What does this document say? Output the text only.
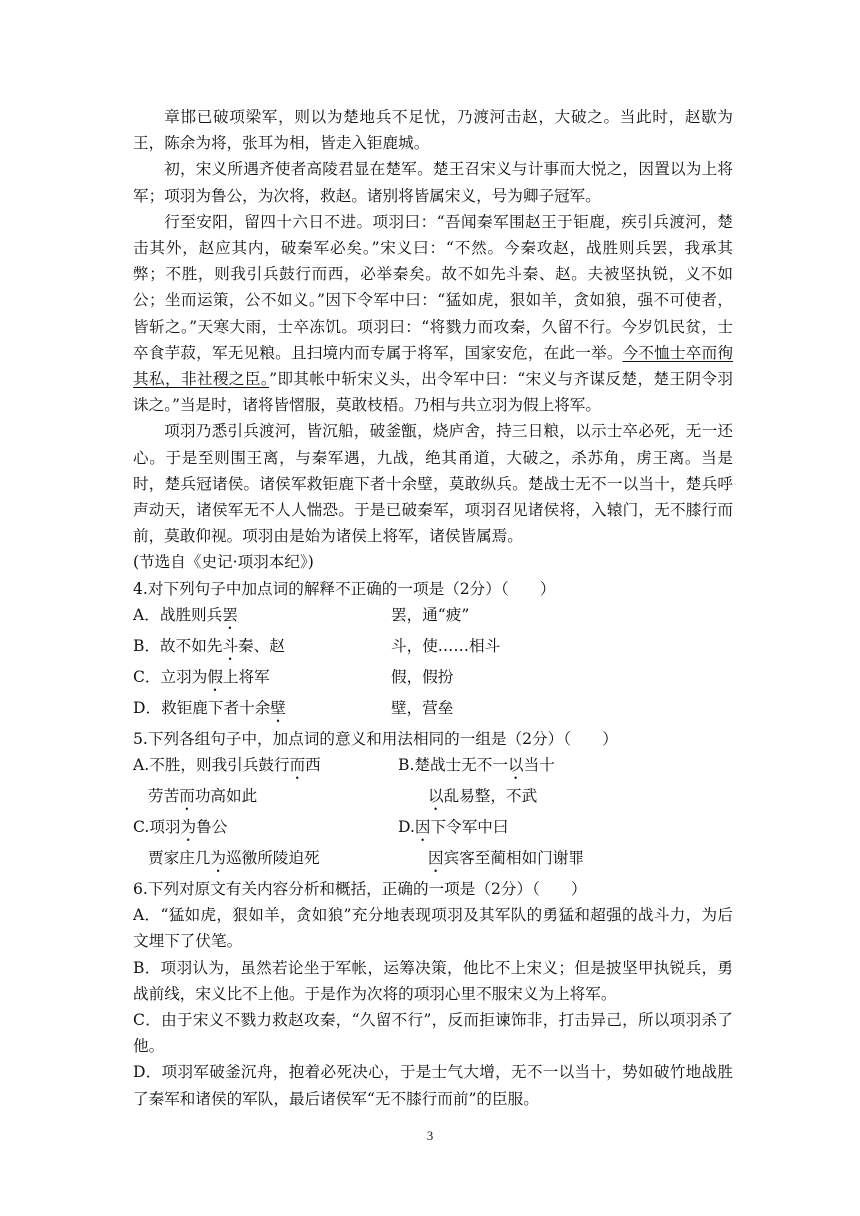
章邯已破项梁军，则以为楚地兵不足忧，乃渡河击赵，大破之。当此时，赵歇为王，陈余为将，张耳为相，皆走入钜鹿城。

初，宋义所遇齐使者高陵君显在楚军。楚王召宋义与计事而大悦之，因置以为上将军；项羽为鲁公，为次将，救赵。诸别将皆属宋义，号为卿子冠军。

行至安阳，留四十六日不进。项羽曰：“吾闻秦军围赵王于钜鹿，疾引兵渡河，楚击其外，赵应其内，破秦军必矣。”宋义曰：“不然。今秦攻赵，战胜则兵罢，我承其弊；不胜，则我引兵鼓行而西，必举秦矣。故不如先斗秦、赵。夫被坚执锐，义不如公；坐而运策，公不如义。”因下令军中曰：“猛如虎，狠如羊，贪如狼，强不可使者，皆斩之。”天寒大雨，士卒冻饥。项羽曰：“将戮力而攻秦，久留不行。今岁饥民贫，士卒食芋菽，军无见粮。且扫境内而专属于将军，国家安危，在此一举。今不恤士卒而徇其私，非社稷之臣。”即其帐中斩宋义头，出令军中曰：“宋义与齐谋反楚，楚王阴令羽诛之。”当是时，诸将皆慴服，莫敢枝梧。乃相与共立羽为假上将军。

项羽乃悉引兵渡河，皆沉船，破釜甑，烧庐舍，持三日粮，以示士卒必死，无一还心。于是至则围王离，与秦军遇，九战，绝其甬道，大破之，杀苏角，虏王离。当是时，楚兵冠诸侯。诸侯军救钜鹿下者十余壁，莫敢纵兵。楚战士无不一以当十，楚兵呼声动天，诸侯军无不人人惴恐。于是已破秦军，项羽召见诸侯将，入辕门，无不膝行而前，莫敢仰视。项羽由是始为诸侯上将军，诸侯皆属焉。

(节选自《史记·项羽本纪》)

4.对下列句子中加点词的解释不正确的一项是（2分）（　　）

A．战胜则兵罢	罢，通“疲”
B．故不如先斗秦、赵	斗，使……相斗
C．立羽为假上将军	假，假扮
D．救钜鹿下者十余壁	壁，营垒

5.下列各组句子中，加点词的意义和用法相同的一组是（2分）（　　）

A.不胜，则我引兵鼓行而西	B.楚战士无不一以当十
劳苦而功高如此	以乱易整，不武
C.项羽为鲁公	D.因下令军中曰
贾家庄几为巡徼所陵迫死	因宾客至蔺相如门谢罪

6.下列对原文有关内容分析和概括，正确的一项是（2分）（　　）

A．“猛如虎，狠如羊，贪如狼”充分地表现项羽及其军队的勇猛和超强的战斗力，为后文埋下了伏笔。

B．项羽认为，虽然若论坐于军帐，运筹决策，他比不上宋义；但是披坚甲执锐兵，勇战前线，宋义比不上他。于是作为次将的项羽心里不服宋义为上将军。

C．由于宋义不戮力救赵攻秦，“久留不行”，反而拒谏饰非，打击异己，所以项羽杀了他。

D．项羽军破釜沉舟，抱着必死决心，于是士气大增，无不一以当十，势如破竹地战胜了秦军和诸侯的军队，最后诸侯军“无不膝行而前”的臣服。

3
